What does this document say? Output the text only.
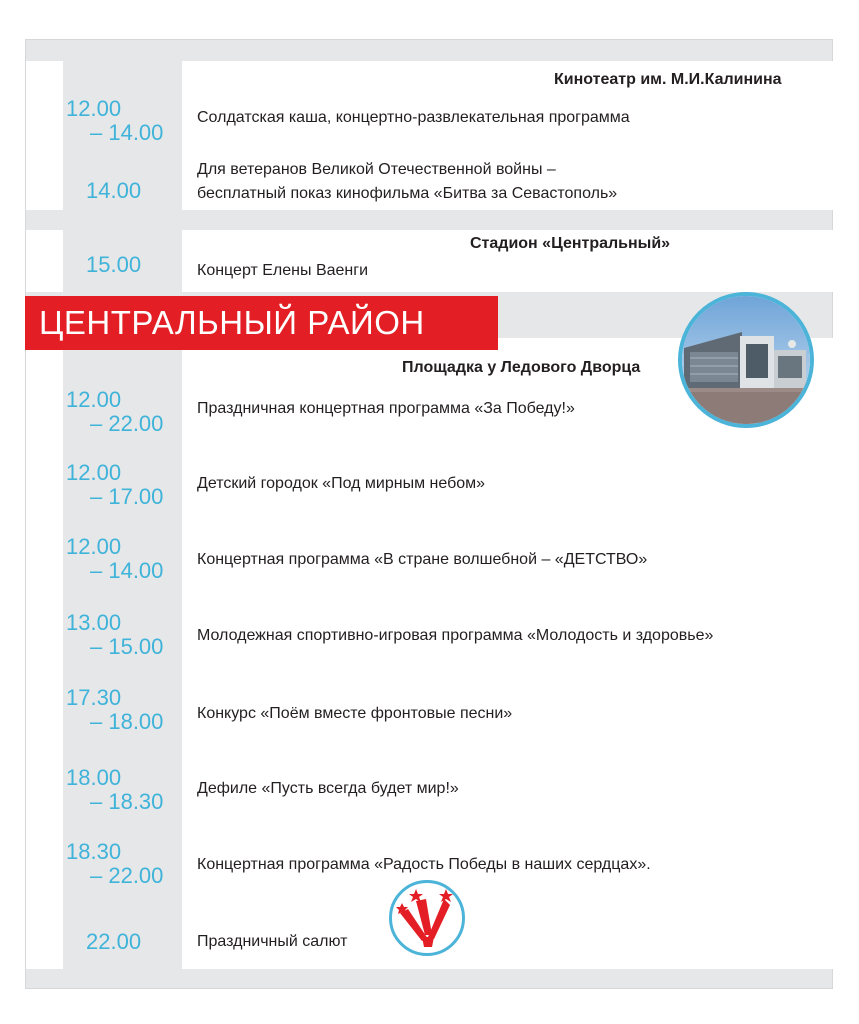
Кинотеатр им. М.И.Калинина
12.00
– 14.00
Солдатская каша, концертно-развлекательная программа
14.00
Для ветеранов Великой Отечественной войны –
бесплатный показ кинофильма «Битва за Севастополь»
Стадион «Центральный»
15.00	Концерт Елены Ваенги
ЦЕНТРАЛЬНЫЙ РАЙОН
Площадка у Ледового Дворца
12.00
– 22.00
Праздничная концертная программа «За Победу!»
12.00
– 17.00
Детский городок «Под мирным небом»
12.00
– 14.00 Концертная программа «В стране волшебной – «ДЕТСТВО»
13.00
– 15.00 Молодежная спортивно-игровая программа «Молодость и здоровье»
17.30
– 18.00 Конкурс «Поём вместе фронтовые песни»
18.00
– 18.30
Дефиле «Пусть всегда будет мир!»
18.30
– 22.00 Концертная программа «Радость Победы в наших сердцах».
22.00	Праздничный салют
